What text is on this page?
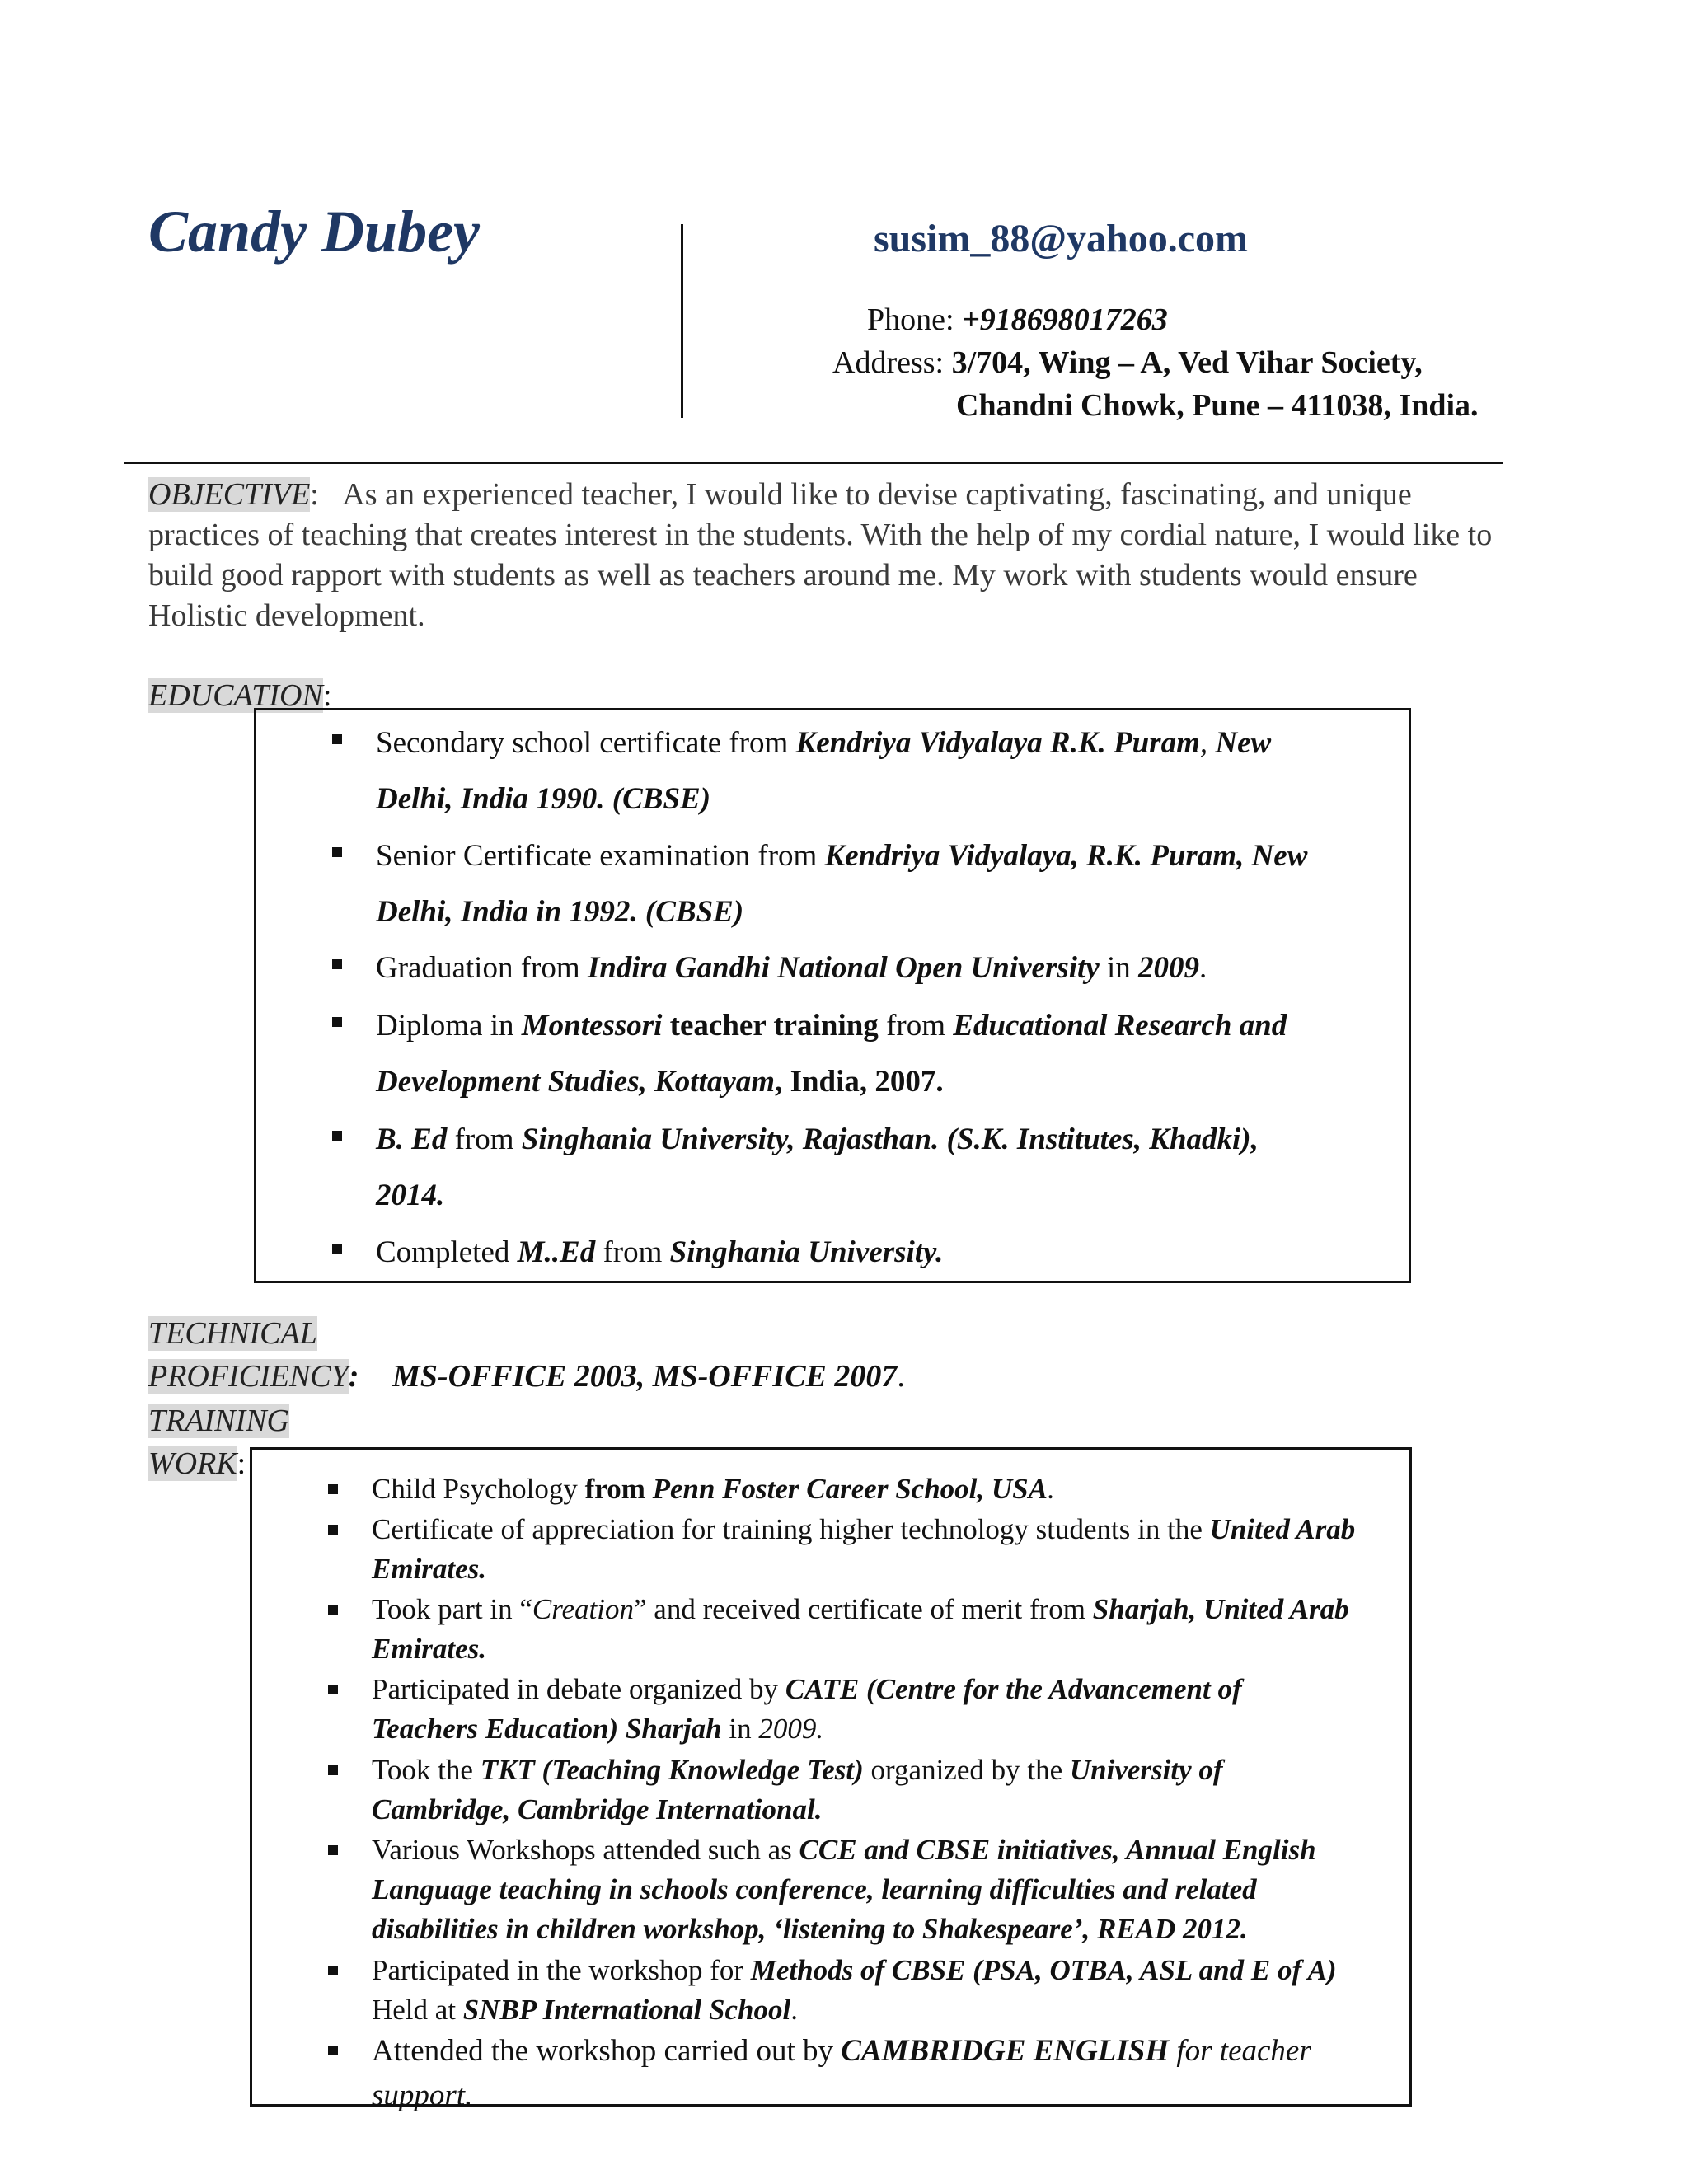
Candy Dubey	susim_88@yahoo.com
Phone: +918698017263
Address: 3/704, Wing – A, Ved Vihar Society,
Chandni Chowk, Pune – 411038, India.
OBJECTIVE: As an experienced teacher, I would like to devise captivating, fascinating, and unique practices of teaching that creates interest in the students. With the help of my cordial nature, I would like to build good rapport with students as well as teachers around me. My work with students would ensure Holistic development.
EDUCATION:
Secondary school certificate from Kendriya Vidyalaya R.K. Puram, New
Delhi, India 1990. (CBSE)
Senior Certificate examination from Kendriya Vidyalaya, R.K. Puram, New
Delhi, India in 1992. (CBSE)
Graduation from Indira Gandhi National Open University in 2009.
Diploma in Montessori teacher training from Educational Research and
Development Studies, Kottayam, India, 2007.
B. Ed from Singhania University, Rajasthan. (S.K. Institutes, Khadki),
2014.
Completed M..Ed from Singhania University.
TECHNICAL
PROFICIENCY: MS-OFFICE 2003, MS-OFFICE 2007.
TRAINING
WORK:
Child Psychology from Penn Foster Career School, USA.
Certificate of appreciation for training higher technology students in the United Arab
Emirates.
Took part in “Creation” and received certificate of merit from Sharjah, United Arab
Emirates.
Participated in debate organized by CATE (Centre for the Advancement of
Teachers Education) Sharjah in 2009.
Took the TKT (Teaching Knowledge Test) organized by the University of
Cambridge, Cambridge International.
Various Workshops attended such as CCE and CBSE initiatives, Annual English
Language teaching in schools conference, learning difficulties and related
disabilities in children workshop, ‘listening to Shakespeare’, READ 2012.
Participated in the workshop for Methods of CBSE (PSA, OTBA, ASL and E of A)
Held at SNBP International School.
Attended the workshop carried out by CAMBRIDGE ENGLISH for teacher
support.
